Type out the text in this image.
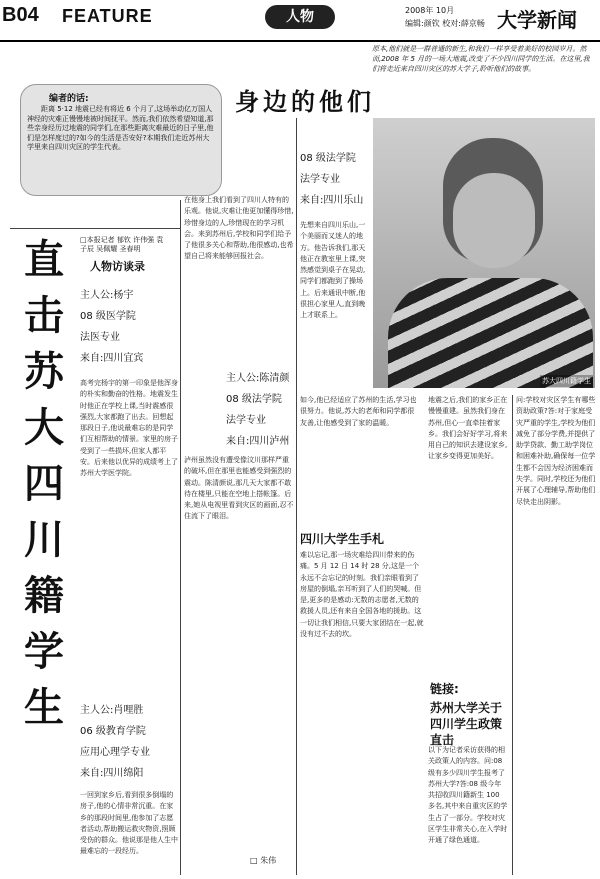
B04 FEATURE	人物	2008年 10月
编辑:颜钦 校对:薛京畅 大学新闻
原本,他们就是一群普通的新生,和我们一样享受着美好的校园岁月。然而,2008 年 5 月的一场大地震,改变了不少四川同学的生活。在这里,我们将走近来自四川灾区的苏大学子,聆听他们的故事。
身边的他们
编者的话:
距离 5·12 地震已经有将近 6 个月了,这场举动亿万国人神经的灾难正慢慢地被时间抚平。然而,我们依然希望知道,那些亲身经历过地震的同学们,在那些距离灾难最近的日子里,他们是怎样度过的?如今的生活是否安好?本期我们走近苏州大学里来自四川灾区的学生代表。
直击苏大四川籍学生
□本报记者 郁钦 许伟强 袁子辰 吴佩耀 圣春明
人物访谈录
主人公:杨宇
08 级医学院
法医专业
来自:四川宜宾
高考完杨宇的第一印象是他浑身的朴实和勤奋的性格。地震发生时他正在学校上课,当时震感很强烈,大家都跑了出去。回想起那段日子,他说最难忘的是同学们互相帮助的情景。家里的房子受到了一些损坏,但家人都平安。后来他以优异的成绩考上了苏州大学医学院。
主人公:肖哩胜
06 级教育学院
应用心理学专业
来自:四川绵阳
一回到家乡后,看到很多倒塌的房子,他的心情非常沉重。在家乡的那段时间里,他参加了志愿者活动,帮助搬运救灾物资,照顾受伤的群众。他说那是他人生中最难忘的一段经历。
在他身上我们看到了四川人特有的乐观。他说,灾难让他更加懂得珍惜,珍惜身边的人,珍惜现在的学习机会。来到苏州后,学校和同学们给予了他很多关心和帮助,他很感动,也希望自己将来能够回报社会。
主人公:陈清颜
08 级法学院
法学专业
来自:四川泸州
泸州虽然没有遭受像汶川那样严重的破坏,但在那里也能感受到强烈的震动。陈清颜说,那几天大家都不敢待在楼里,只能在空地上搭帐篷。后来,她从电视里看到灾区的画面,忍不住流下了眼泪。
□ 朱伟
08 级法学院
法学专业
来自:四川乐山
先想来自四川乐山,一个美丽而又迷人的地方。他告诉我们,那天他正在教室里上课,突然感觉到桌子在晃动,同学们都跑到了操场上。后来通讯中断,他很担心家里人,直到晚上才联系上。
苏大四川籍学生
如今,他已经适应了苏州的生活,学习也很努力。他说,苏大的老师和同学都很友善,让他感受到了家的温暖。
四川大学生手札
难以忘记,那一场灾难给四川带来的伤痛。5 月 12 日 14 时 28 分,这是一个永远不会忘记的时刻。我们亲眼看到了房屋的倒塌,亲耳听到了人们的哭喊。但是,更多的是感动:无数的志愿者,无数的救援人员,还有来自全国各地的援助。这一切让我们相信,只要大家团结在一起,就没有过不去的坎。
地震之后,我们的家乡正在慢慢重建。虽然我们身在苏州,但心一直牵挂着家乡。我们会好好学习,将来用自己的知识去建设家乡,让家乡变得更加美好。
链接:
苏州大学关于四川学生政策直击
以下为记者采访获得的相关政策人的内容。问:08 级有多少四川学生报考了苏州大学?答:08 级今年共招收四川籍新生 100 多名,其中来自重灾区的学生占了一部分。学校对灾区学生非常关心,在入学时开通了绿色通道。
问:学校对灾区学生有哪些资助政策?答:对于家庭受灾严重的学生,学校为他们减免了部分学费,并提供了助学贷款、勤工助学岗位和困难补助,确保每一位学生都不会因为经济困难而失学。同时,学校还为他们开展了心理辅导,帮助他们尽快走出阴影。
